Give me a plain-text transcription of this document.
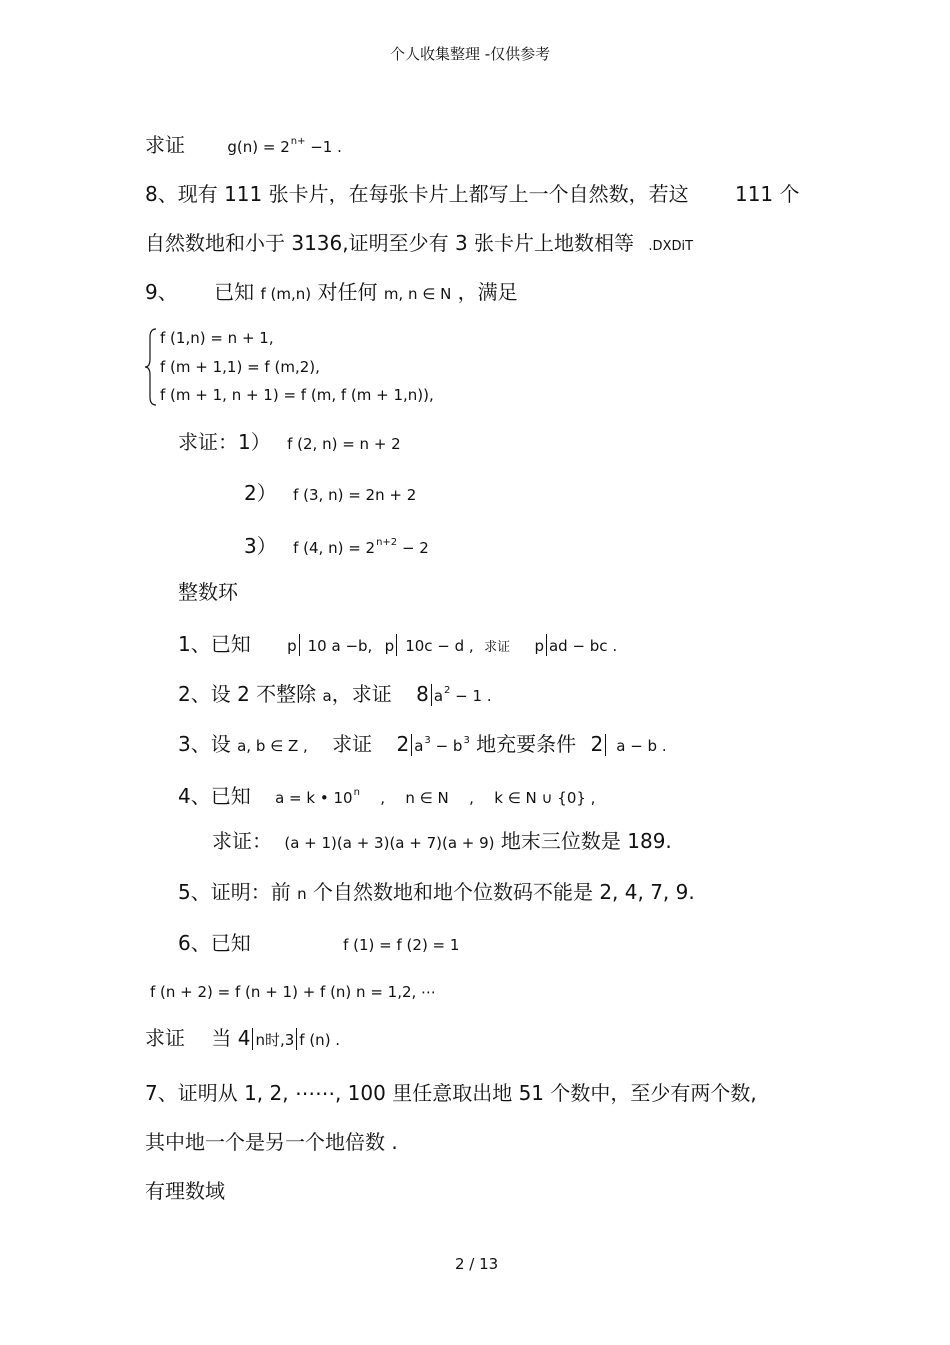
个人收集整理 -仅供参考
求证	$g(n) = 2^{n+} -1$ .
8、现有 111 张卡片，在每张卡片上都写上一个自然数，若这 111 个
自然数地和小于 3136,证明至少有 3 张卡片上地数相等 .DXDiT
9、 已知 f (m,n) 对任何 m, n ∈ N ，满足
f (1,n) = n + 1,
f (m + 1,1) = f (m,2),
f (m + 1, n + 1) = f (m, f (m + 1,n)),
求证：1） f (2, n) = n + 2
2） f (3, n) = 2n + 2
3） f (4, $n) = 2^{n+2} - 2$
整数环
1、已知 p 10 a −b, p 10c − d , 求证 p ad − bc .
2、设 2 不整除 a，求证 8 $a^2 - 1$ .
3、设 a, b ∈ Z , 求证 2 $a^3 - b^3$ 地充要条件 2 a − b .
4、已知 a = k • 10$^n$ , n ∈ N , k ∈ N ∪ {0} ,
求证： (a + 1)(a + 3)(a + 7)(a + 9) 地末三位数是 189.
5、证明：前 n 个自然数地和地个位数码不能是 2, 4, 7, 9.
6、已知	f (1) = f (2) = 1
f (n + 2) = f (n + 1) + f (n) n = 1,2, ⋯
求证 当 4 n时,3 f (n) .
7、证明从 1, 2, ⋯⋯, 100 里任意取出地 51 个数中，至少有两个数,
其中地一个是另一个地倍数 .
有理数域
2 / 13
